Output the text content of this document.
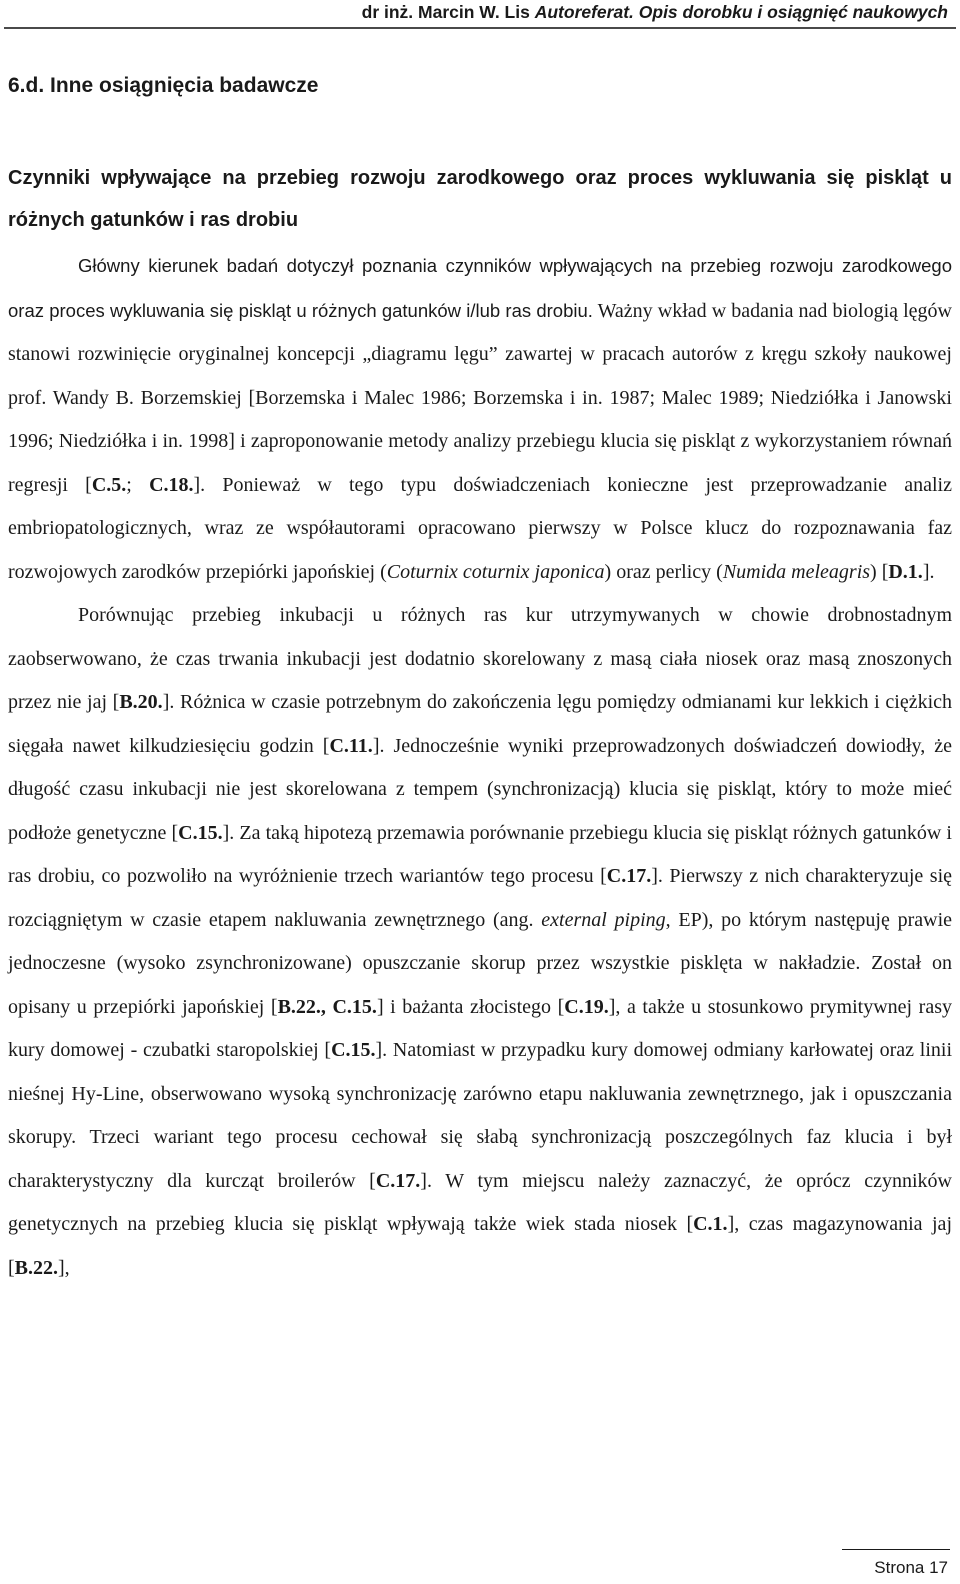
dr inż. Marcin W. Lis Autoreferat. Opis dorobku i osiągnięć naukowych
6.d. Inne osiągnięcia badawcze
Czynniki wpływające na przebieg rozwoju zarodkowego oraz proces wykluwania się piskląt u różnych gatunków i ras drobiu

Główny kierunek badań dotyczył poznania czynników wpływających na przebieg rozwoju zarodkowego oraz proces wykluwania się piskląt u różnych gatunków i/lub ras drobiu. Ważny wkład w badania nad biologią lęgów stanowi rozwinięcie oryginalnej koncepcji „diagramu lęgu” zawartej w pracach autorów z kręgu szkoły naukowej prof. Wandy B. Borzemskiej [Borzemska i Malec 1986; Borzemska i in. 1987; Malec 1989; Niedziółka i Janowski 1996; Niedziółka i in. 1998] i zaproponowanie metody analizy przebiegu klucia się piskląt z wykorzystaniem równań regresji [C.5.; C.18.]. Ponieważ w tego typu doświadczeniach konieczne jest przeprowadzanie analiz embriopatologicznych, wraz ze współautorami opracowano pierwszy w Polsce klucz do rozpoznawania faz rozwojowych zarodków przepiórki japońskiej (Coturnix coturnix japonica) oraz perlicy (Numida meleagris) [D.1.].

Porównując przebieg inkubacji u różnych ras kur utrzymywanych w chowie drobnostadnym zaobserwowano, że czas trwania inkubacji jest dodatnio skorelowany z masą ciała niosek oraz masą znoszonych przez nie jaj [B.20.]. Różnica w czasie potrzebnym do zakończenia lęgu pomiędzy odmianami kur lekkich i ciężkich sięgała nawet kilkudziesięciu godzin [C.11.]. Jednocześnie wyniki przeprowadzonych doświadczeń dowiodły, że długość czasu inkubacji nie jest skorelowana z tempem (synchronizacją) klucia się piskląt, który to może mieć podłoże genetyczne [C.15.]. Za taką hipotezą przemawia porównanie przebiegu klucia się piskląt różnych gatunków i ras drobiu, co pozwoliło na wyróżnienie trzech wariantów tego procesu [C.17.]. Pierwszy z nich charakteryzuje się rozciągniętym w czasie etapem nakluwania zewnętrznego (ang. external piping, EP), po którym następuję prawie jednoczesne (wysoko zsynchronizowane) opuszczanie skorup przez wszystkie pisklęta w nakładzie. Został on opisany u przepiórki japońskiej [B.22., C.15.] i bażanta złocistego [C.19.], a także u stosunkowo prymitywnej rasy kury domowej - czubatki staropolskiej [C.15.]. Natomiast w przypadku kury domowej odmiany karłowatej oraz linii nieśnej Hy-Line, obserwowano wysoką synchronizację zarówno etapu nakluwania zewnętrznego, jak i opuszczania skorupy. Trzeci wariant tego procesu cechował się słabą synchronizacją poszczególnych faz klucia i był charakterystyczny dla kurcząt broilerów [C.17.]. W tym miejscu należy zaznaczyć, że oprócz czynników genetycznych na przebieg klucia się piskląt wpływają także wiek stada niosek [C.1.], czas magazynowania jaj [B.22.],

Strona 17
